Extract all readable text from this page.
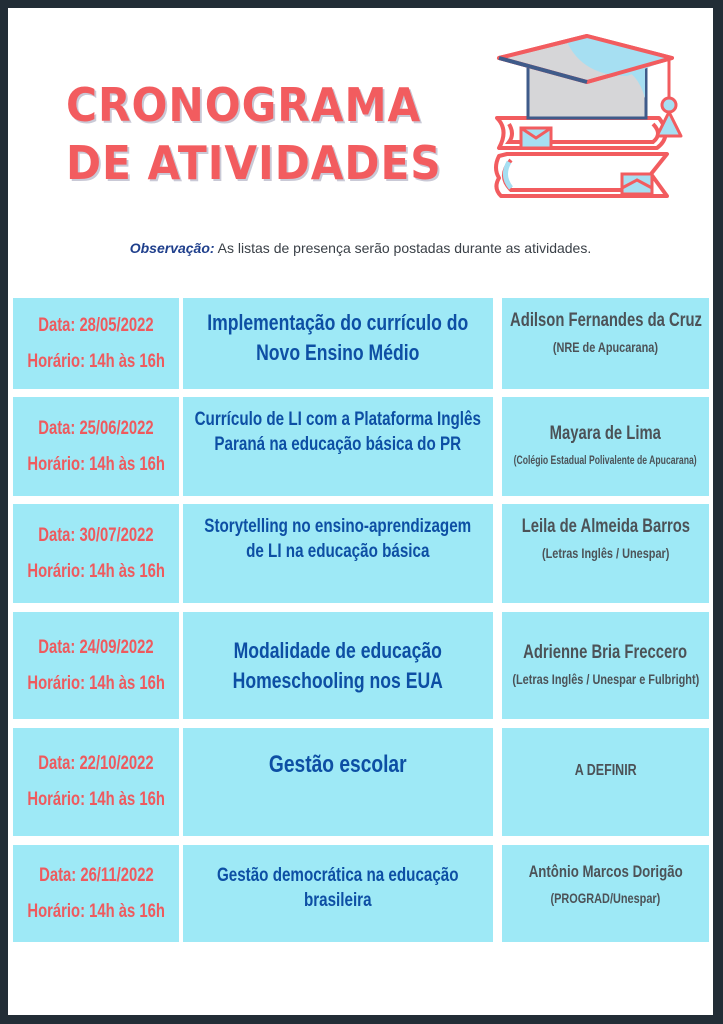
CRONOGRAMA
DE ATIVIDADES
Observação: As listas de presença serão postadas durante as atividades.
Data: 28/05/2022
Horário: 14h às 16h
Implementação do currículo do
Novo Ensino Médio
Adilson Fernandes da Cruz
(NRE de Apucarana)
Data: 25/06/2022
Horário: 14h às 16h
Currículo de LI com a Plataforma Inglês
Paraná na educação básica do PR
Mayara de Lima
(Colégio Estadual Polivalente de Apucarana)
Data: 30/07/2022
Horário: 14h às 16h
Storytelling no ensino-aprendizagem
de LI na educação básica
Leila de Almeida Barros
(Letras Inglês / Unespar)
Data: 24/09/2022
Horário: 14h às 16h
Modalidade de educação
Homeschooling nos EUA
Adrienne Bria Freccero
(Letras Inglês / Unespar e Fulbright)
Data: 22/10/2022
Horário: 14h às 16h
Gestão escolar	A DEFINIR
Data: 26/11/2022
Horário: 14h às 16h
Gestão democrática na educação
brasileira
Antônio Marcos Dorigão
(PROGRAD/Unespar)
